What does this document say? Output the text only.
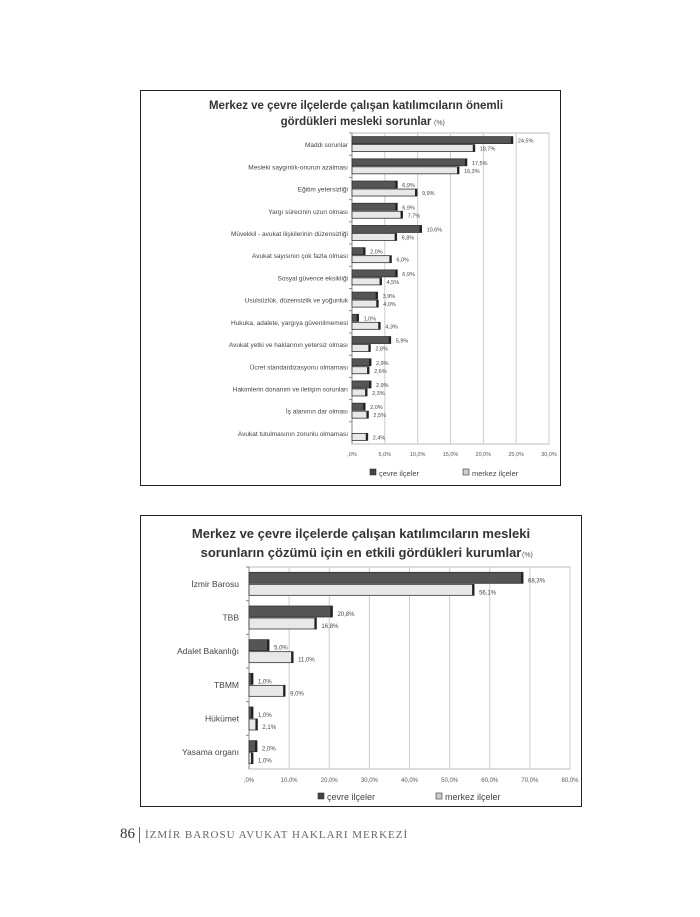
Merkez ve çevre ilçelerde çalışan katılımcıların önemli
gördükleri mesleki sorunlar (%)
,0%	5,0%	10,0%	15,0%	20,0%	25,0%	30,0%
Maddi sorunlar
24,5%
18,7%
Mesleki saygınlık-onurun azalması
17,5%
16,3%
Eğitim yetersizliği
6,9%
9,9%
Yargı sürecinin uzun olması
6,9%
7,7%
Müvekkil - avukat ilişkilerinin düzensizliği
10,6%
6,8%
Avukat sayısının çok fazla olması
2,0%
6,0%
Sosyal güvence eksikliği
6,9%
4,5%
Usulsüzlük, düzensizlik ve yoğunluk
3,9%
4,0%
Hukuka, adalete, yargıya güvenilmemesi
1,0%
4,3%
Avukat yetki ve haklarının yetersiz olması
5,9%
2,8%
Ücret standardizasyonu olmaması
2,9%
2,6%
Hakimlerin donanım ve iletişim sorunları
2,9%
2,3%
İş alanının dar olması
2,0%
2,5%
Avukat tutulmasının zorunlu olmaması
2,4%
çevre ilçeler	merkez ilçeler
Merkez ve çevre ilçelerde çalışan katılımcıların mesleki
sorunların çözümü için en etkili gördükleri kurumlar (%)
,0%	10,0%	20,0%	30,0%	40,0%	50,0%	60,0%	70,0%	80,0%
İzmir Barosu	68,3%
56,1%
TBB	20,8%
16,8%
Adalet Bakanlığı	5,0%
11,0%
TBMM	1,0%
9,0%
Hükümet	1,0%
2,1%
Yasama organı	2,0%
1,0%
çevre ilçeler	merkez ilçeler
86 İZMİR BAROSU AVUKAT HAKLARI MERKEZİ
